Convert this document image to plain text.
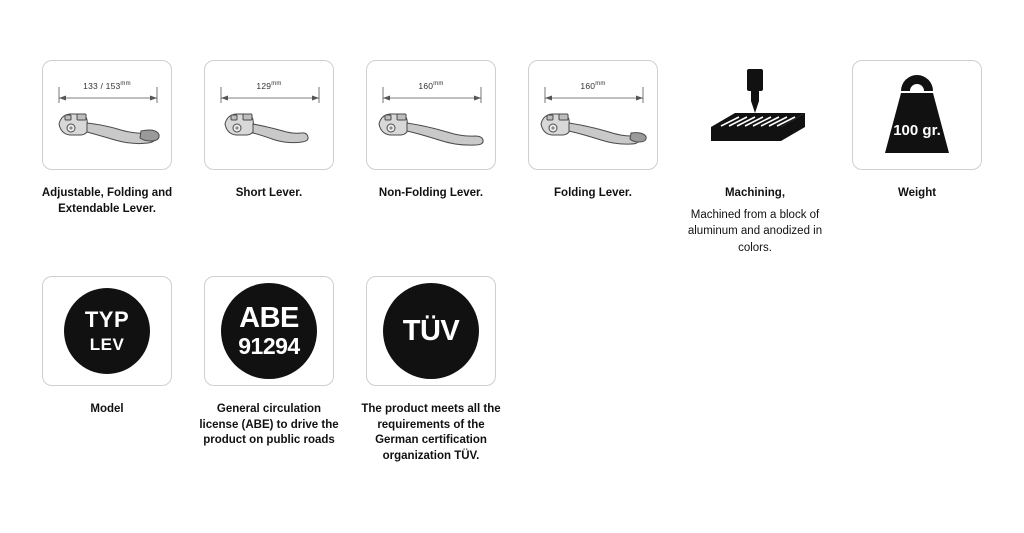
$133 / 153^{mm}$
Adjustable, Folding and Extendable Lever.
$129^{mm}$
Short Lever.
$160^{mm}$
Non-Folding Lever.
$160^{mm}$
Folding Lever.	Machining,
Machined from a block of aluminum and anodized in colors.
100 gr.
Weight
TYP
LEV
Model
ABE
91294
General circulation license (ABE) to drive the product on public roads
TÜV
The product meets all the requirements of the German certification organization TÜV.
